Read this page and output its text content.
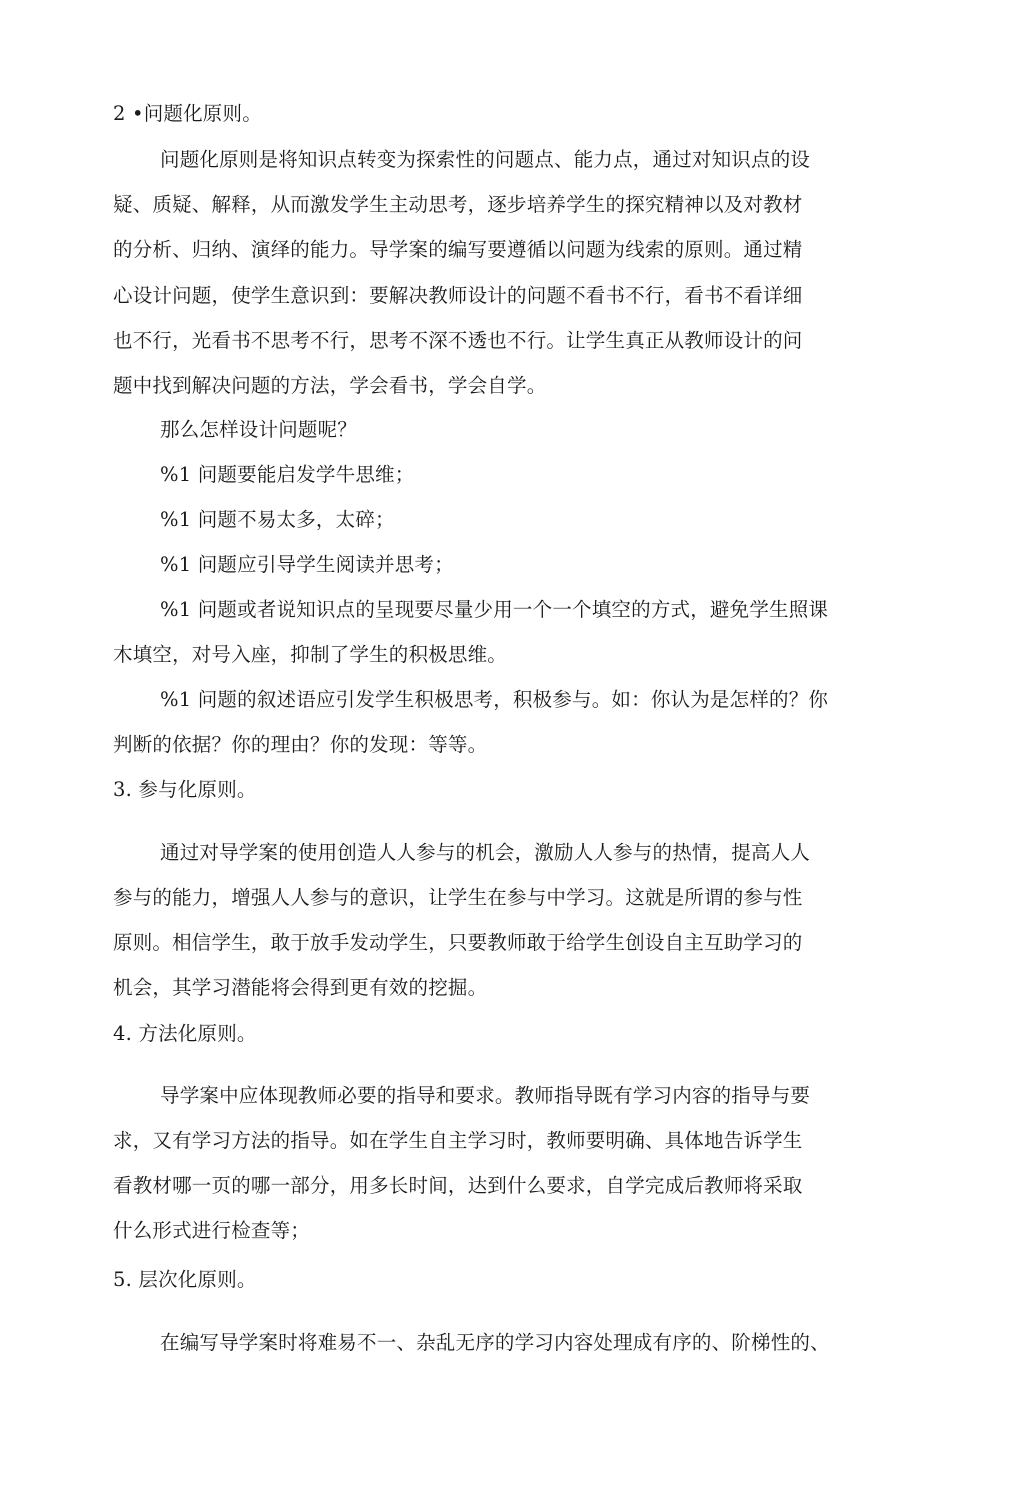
2 •问题化原则。
问题化原则是将知识点转变为探索性的问题点、能力点，通过对知识点的设
疑、质疑、解释，从而激发学生主动思考，逐步培养学生的探究精神以及对教材
的分析、归纳、演绎的能力。导学案的编写要遵循以问题为线索的原则。通过精
心设计问题，使学生意识到：要解决教师设计的问题不看书不行，看书不看详细
也不行，光看书不思考不行，思考不深不透也不行。让学生真正从教师设计的问
题中找到解决问题的方法，学会看书，学会自学。
那么怎样设计问题呢？
%1 问题要能启发学牛思维；
%1 问题不易太多，太碎；
%1 问题应引导学生阅读并思考；
%1 问题或者说知识点的呈现要尽量少用一个一个填空的方式，避免学生照课
木填空，对号入座，抑制了学生的积极思维。
%1 问题的叙述语应引发学生积极思考，积极参与。如：你认为是怎样的？你
判断的依据？你的理由？你的发现：等等。
3. 参与化原则。
通过对导学案的使用创造人人参与的机会，激励人人参与的热情，提高人人
参与的能力，增强人人参与的意识，让学生在参与中学习。这就是所谓的参与性
原则。相信学生，敢于放手发动学生，只要教师敢于给学生创设自主互助学习的
机会，其学习潜能将会得到更有效的挖掘。
4. 方法化原则。
导学案中应体现教师必要的指导和要求。教师指导既有学习内容的指导与要
求，又有学习方法的指导。如在学生自主学习时，教师要明确、具体地告诉学生
看教材哪一页的哪一部分，用多长时间，达到什么要求，自学完成后教师将采取
什么形式进行检查等；
5. 层次化原则。
在编写导学案时将难易不一、杂乱无序的学习内容处理成有序的、阶梯性的、
